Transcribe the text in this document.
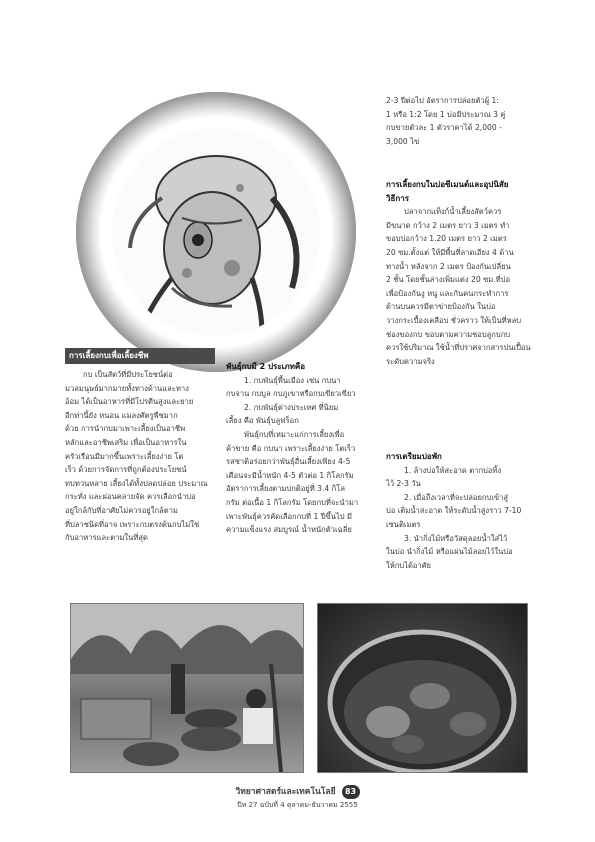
2-3 ปีต่อไป อัตราการปล่อยตัวผู้ 1:

1 หรือ 1:2 โดย 1 บ่อมีประมาณ 3 คู่

กบขายตัวละ 1 ตัวราคาได้ 2,000 -

3,000 ไข่

การเลี้ยงกบในบ่อซีเมนต์และอุปนิสัย

วิธีการ

ปลาจากแท็งก์น้ำเลี้ยงสัตว์ควร

มีขนาด กว้าง 2 เมตร ยาว 3 เมตร ทำ

ขอบบ่อกว้าง 1.20 เมตร ยาว 2 เมตร

20 ซม.ตั้งแต่ ให้มีพื้นที่ลาดเอียง 4 ด้าน

ทางน้ำ หลังจาก 2 เมตร ป้องกันเปลี่ยน

2 ชั้น โดยชั้นล่างเพิ่มแต่ง 20 ซม.ที่บ่อ

เพื่อป้องกันงู หนู และกันคนกระทำการ

ด้านบนควรมีตาข่ายป้องกัน ในบ่อ

วางกระเบื้องเคลือบ ชั่วคราว ให้เป็นที่หลบ

ช่องของกบ ขอบตามความชอบลูกบกบ

ควรใช้ปริมาณ ใช้น้ำที่ปราศจากสารปนเปื้อน

ระดับความจริง

การเตรียมบ่อพัก

1. ล้างบ่อให้สะอาด ตากบ่อทิ้ง

ไว้ 2-3 วัน

2. เมื่อถึงเวลาที่จะปล่อยกบเข้าสู่

บ่อ เติมน้ำสะอาด ให้ระดับน้ำสูงราว 7-10

เซนติเมตร

3. นำกิ่งไม้หรือวัสดุลอยน้ำใส่ไว้

ในบ่อ นำกิ่งไม้ หรือแผ่นไม้ลอยไว้ในบ่อ

ให้กบได้อาศัย

การเลี้ยงกบเพื่อเลี้ยงชีพ

กบ เป็นสัตว์ที่มีประโยชน์ต่อ

มวลมนุษย์มากมายทั้งทางด้านและทาง

อ้อม ได้เป็นอาหารที่มีโปรตีนสูงและยาย

อีกท่านี้ยัง หนอน แมลงศัตรูพืชมาก

ด้วย การนำกบมาเพาะเลี้ยงเป็นอาชีพ

หลักและอาชีพเสริม เพื่อเป็นอาหารใน

ครัวเรือนมีมากขึ้นเพราะเลี้ยงง่าย โต

เร็ว ด้วยการจัดการที่ถูกต้องประโยชน์

ทบทวนหลาย เลี้ยงได้ทั้งปลดปล่อย ประมาณ

กระทั่ง และผ่อนคลายจัด ควรเลือกนำบ่อ

อยู่ใกล้กับที่อาศัยไม่ควรอยู่ใกล้ตาม

ที่ปลาชนิดที่อาจ เพราะกบตรงต้นกบไม่ใช่

กับอาหารและตามในที่สุด

พันธุ์กบมี 2 ประเภทคือ

1. กบพันธุ์พื้นเมือง เช่น กบนา

กบจาน กบบูล กบภูเขาหรือกบเขียวเขียว

2. กบพันธุ์ต่างประเทศ ที่นิยม

เลี้ยง คือ พันธุ์บลูฟร็อก

พันธุ์กบที่เหมาะแก่การเลี้ยงเพื่อ

ค้าขาย คือ กบนา เพราะเลี้ยงง่าย โตเร็ว

รสชาติอร่อยกว่าพันธุ์อื่นเลี้ยงเพียง 4-5

เดือนจะมีน้ำหนัก 4-5 ตัวต่อ 1 กิโลกรัม

อัตราการเลี้ยงตามปกติอยู่ที่ 3.4 กิโล

กรัม ต่อเนื้อ 1 กิโลกรัม โดยกบที่จะนำมา

เพาะพันธุ์ควรคัดเลือกกบที่ 1 ปีขึ้นไป มี

ความแข็งแรง สมบูรณ์ น้ำหนักตัวเฉลี่ย

วิทยาศาสตร์และเทคโนโลยี 83
ปีท 27 ฉบับที่ 4 ตุลาคม-ธันวาคม 2555
